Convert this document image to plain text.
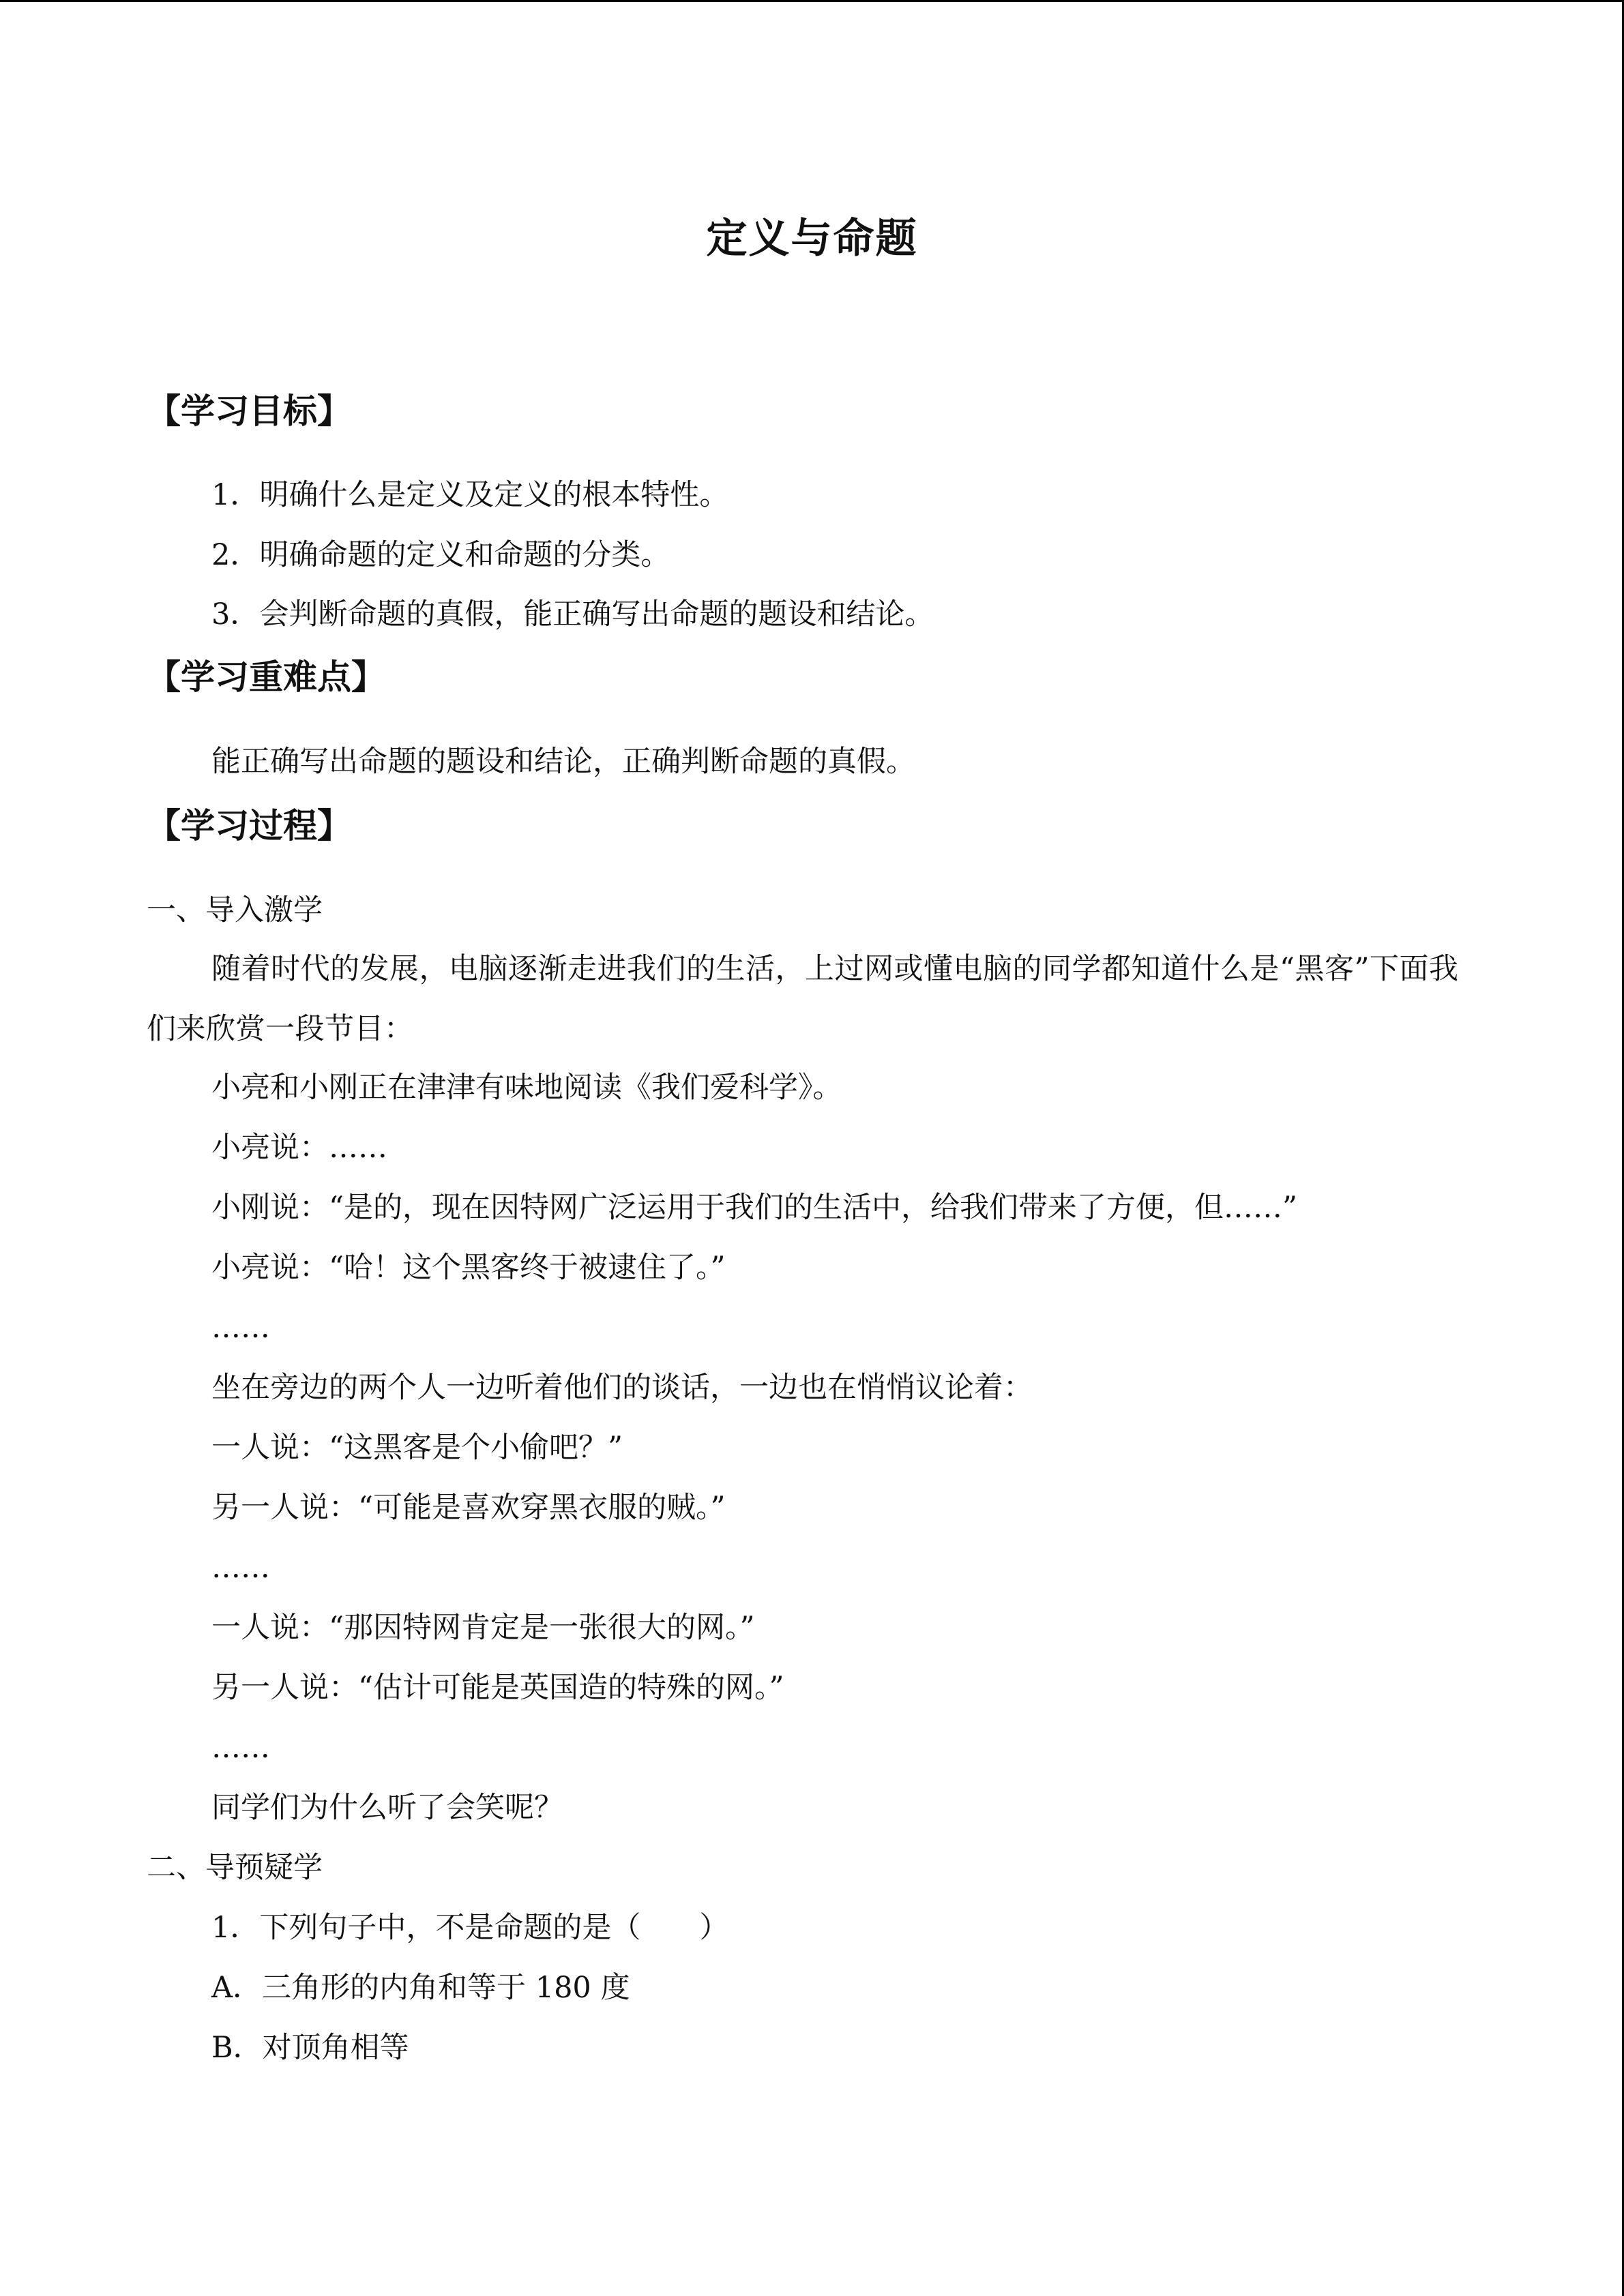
定义与命题
【学习目标】
1．明确什么是定义及定义的根本特性。
2．明确命题的定义和命题的分类。
3．会判断命题的真假，能正确写出命题的题设和结论。
【学习重难点】
能正确写出命题的题设和结论，正确判断命题的真假。
【学习过程】
一、导入激学
随着时代的发展，电脑逐渐走进我们的生活，上过网或懂电脑的同学都知道什么是“黑客”下面我们来欣赏一段节目：
小亮和小刚正在津津有味地阅读《我们爱科学》。
小亮说：……
小刚说：“是的，现在因特网广泛运用于我们的生活中，给我们带来了方便，但……”
小亮说：“哈！这个黑客终于被逮住了。”
……
坐在旁边的两个人一边听着他们的谈话，一边也在悄悄议论着：
一人说：“这黑客是个小偷吧？”
另一人说：“可能是喜欢穿黑衣服的贼。”
……
一人说：“那因特网肯定是一张很大的网。”
另一人说：“估计可能是英国造的特殊的网。”
……
同学们为什么听了会笑呢？
二、导预疑学
1．下列句子中，不是命题的是（　　）
A．三角形的内角和等于 180 度
B．对顶角相等
